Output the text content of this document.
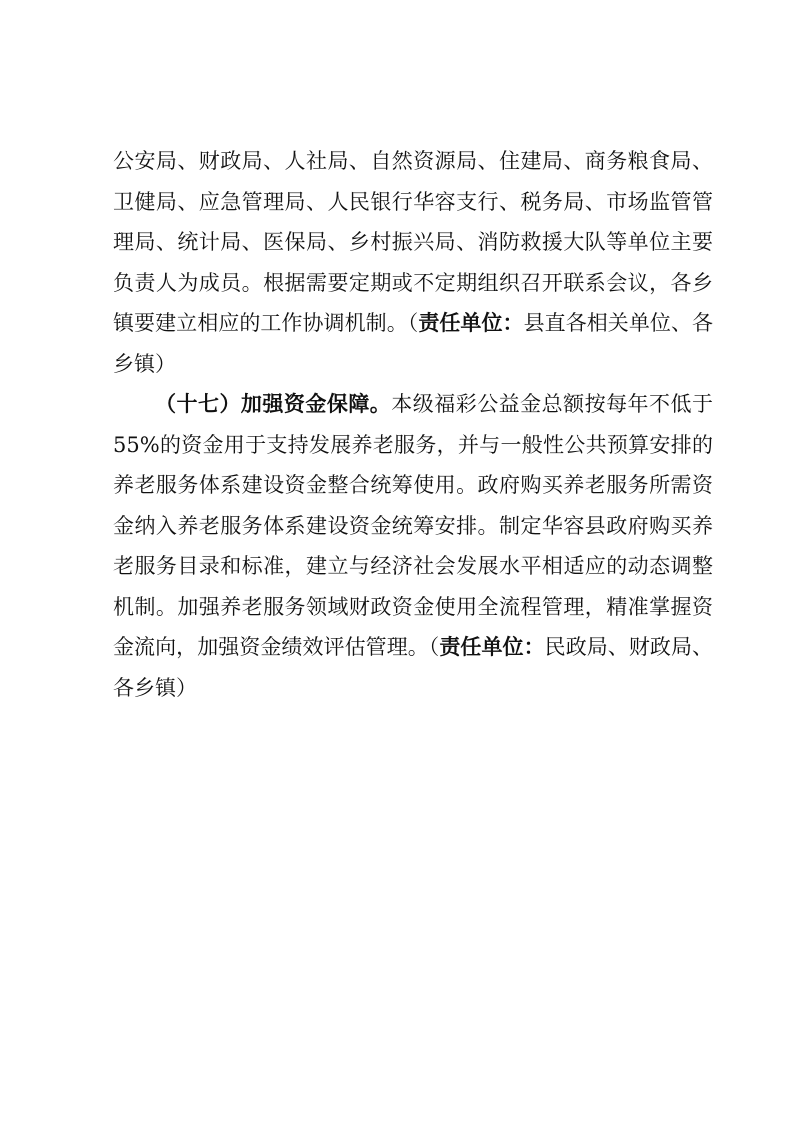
公安局、财政局、人社局、自然资源局、住建局、商务粮食局、卫健局、应急管理局、人民银行华容支行、税务局、市场监管管理局、统计局、医保局、乡村振兴局、消防救援大队等单位主要负责人为成员。根据需要定期或不定期组织召开联系会议，各乡镇要建立相应的工作协调机制。（责任单位：县直各相关单位、各乡镇）

（十七）加强资金保障。本级福彩公益金总额按每年不低于55%的资金用于支持发展养老服务，并与一般性公共预算安排的养老服务体系建设资金整合统筹使用。政府购买养老服务所需资金纳入养老服务体系建设资金统筹安排。制定华容县政府购买养老服务目录和标准，建立与经济社会发展水平相适应的动态调整机制。加强养老服务领域财政资金使用全流程管理，精准掌握资金流向，加强资金绩效评估管理。（责任单位：民政局、财政局、各乡镇）
